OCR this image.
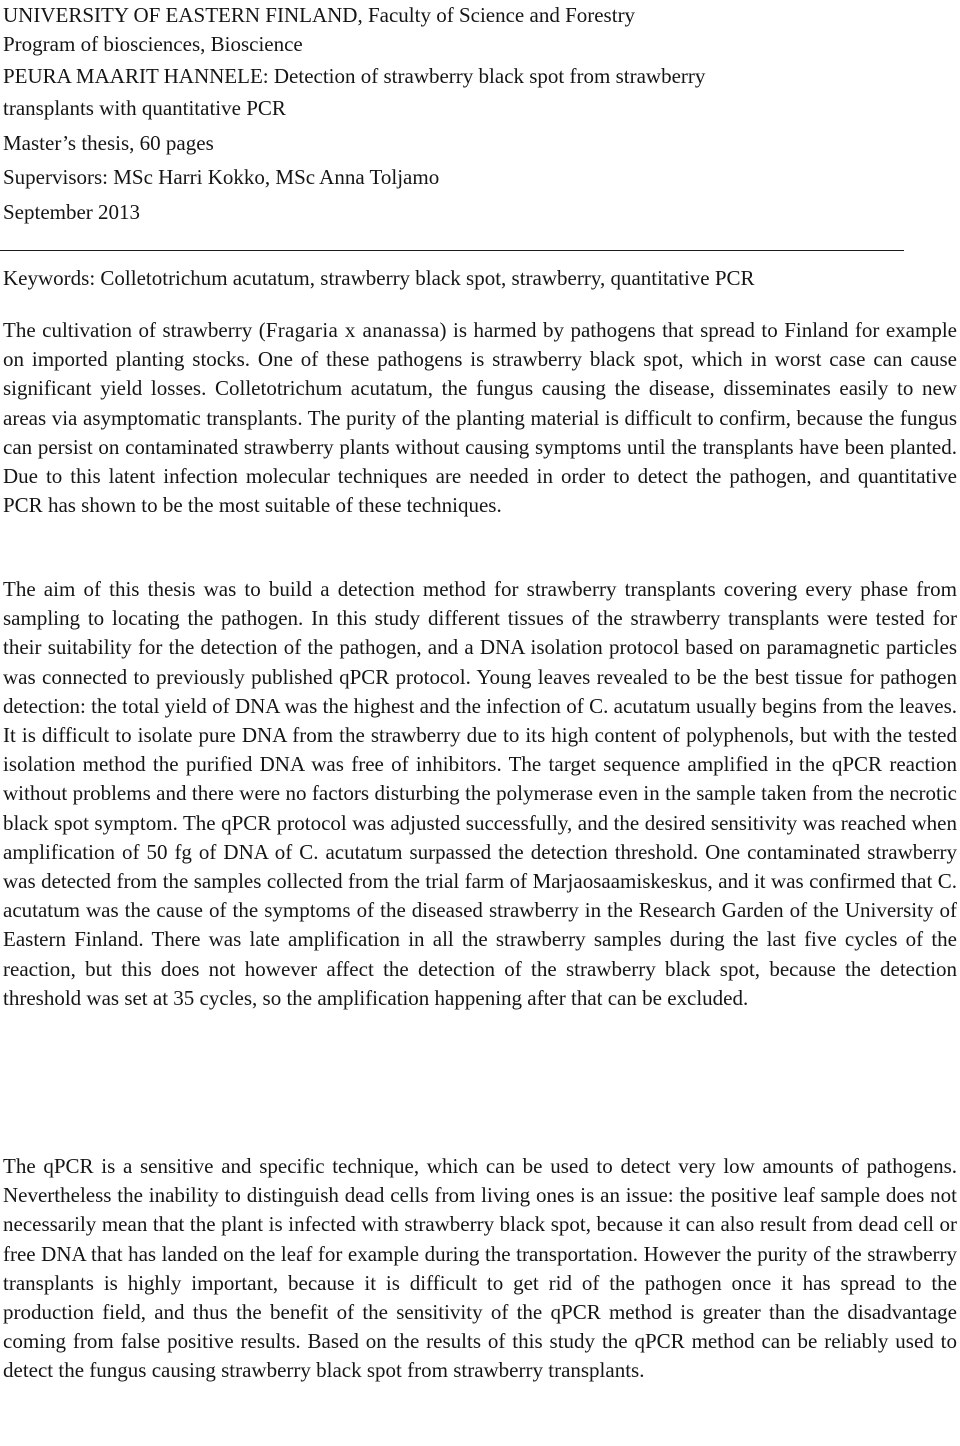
UNIVERSITY OF EASTERN FINLAND, Faculty of Science and Forestry
Program of biosciences, Bioscience
PEURA MAARIT HANNELE: Detection of strawberry black spot from strawberry
transplants with quantitative PCR
Master’s thesis, 60 pages
Supervisors: MSc Harri Kokko, MSc Anna Toljamo
September 2013
Keywords: Colletotrichum acutatum, strawberry black spot, strawberry, quantitative PCR

The cultivation of strawberry (Fragaria x ananassa) is harmed by pathogens that spread to Finland for example on imported planting stocks. One of these pathogens is strawberry black spot, which in worst case can cause significant yield losses. Colletotrichum acutatum, the fungus causing the disease, disseminates easily to new areas via asymptomatic transplants. The purity of the planting material is difficult to confirm, because the fungus can persist on contaminated strawberry plants without causing symptoms until the transplants have been planted. Due to this latent infection molecular techniques are needed in order to detect the pathogen, and quantitative PCR has shown to be the most suitable of these techniques.

The aim of this thesis was to build a detection method for strawberry transplants covering every phase from sampling to locating the pathogen. In this study different tissues of the strawberry transplants were tested for their suitability for the detection of the pathogen, and a DNA isolation protocol based on paramagnetic particles was connected to previously published qPCR protocol. Young leaves revealed to be the best tissue for pathogen detection: the total yield of DNA was the highest and the infection of C. acutatum usually begins from the leaves. It is difficult to isolate pure DNA from the strawberry due to its high content of polyphenols, but with the tested isolation method the purified DNA was free of inhibitors. The target sequence amplified in the qPCR reaction without problems and there were no factors disturbing the polymerase even in the sample taken from the necrotic black spot symptom. The qPCR protocol was adjusted successfully, and the desired sensitivity was reached when amplification of 50 fg of DNA of C. acutatum surpassed the detection threshold. One contaminated strawberry was detected from the samples collected from the trial farm of Marjaosaamiskeskus, and it was confirmed that C. acutatum was the cause of the symptoms of the diseased strawberry in the Research Garden of the University of Eastern Finland. There was late amplification in all the strawberry samples during the last five cycles of the reaction, but this does not however affect the detection of the strawberry black spot, because the detection threshold was set at 35 cycles, so the amplification happening after that can be excluded.

The qPCR is a sensitive and specific technique, which can be used to detect very low amounts of pathogens. Nevertheless the inability to distinguish dead cells from living ones is an issue: the positive leaf sample does not necessarily mean that the plant is infected with strawberry black spot, because it can also result from dead cell or free DNA that has landed on the leaf for example during the transportation. However the purity of the strawberry transplants is highly important, because it is difficult to get rid of the pathogen once it has spread to the production field, and thus the benefit of the sensitivity of the qPCR method is greater than the disadvantage coming from false positive results. Based on the results of this study the qPCR method can be reliably used to detect the fungus causing strawberry black spot from strawberry transplants.
